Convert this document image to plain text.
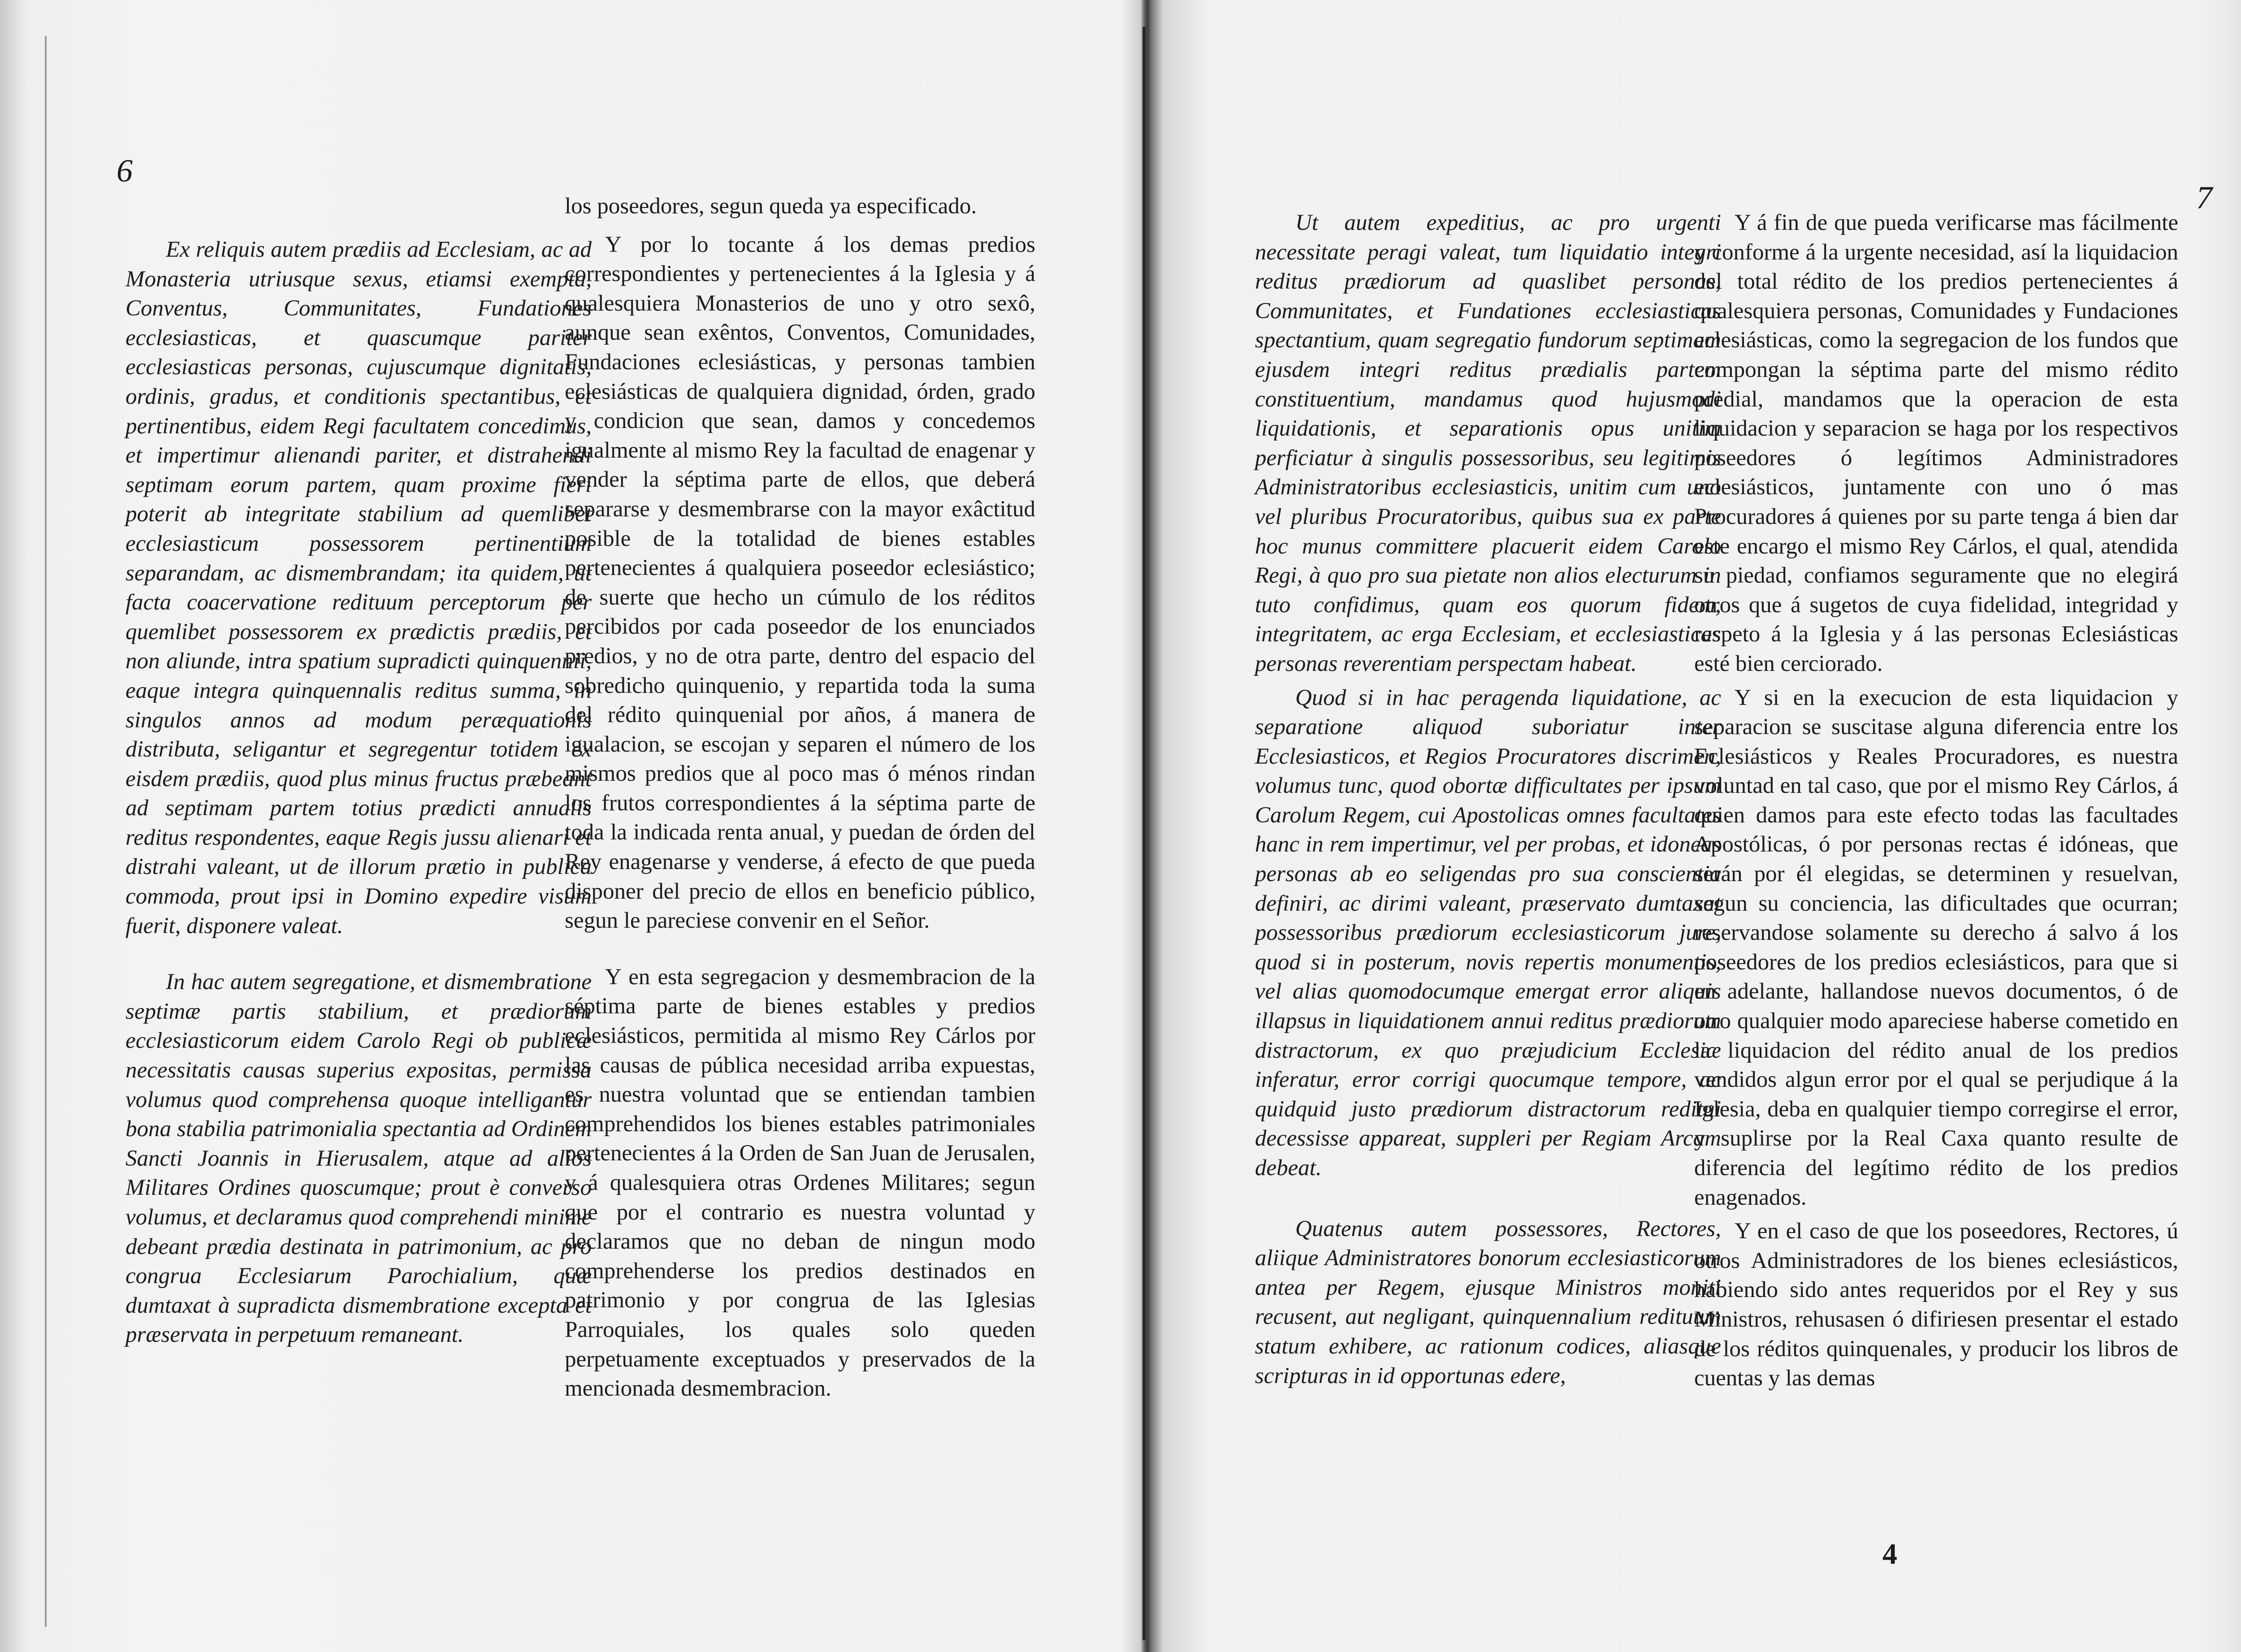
6

Ex reliquis autem prædiis ad Ecclesiam, ac ad Monasteria utriusque sexus, etiamsi exempta, Conventus, Communitates, Fundationes ecclesiasticas, et quascumque pariter ecclesiasticas personas, cujuscumque dignitatis, ordinis, gradus, et conditionis spectantibus, et pertinentibus, eidem Regi facultatem concedimus, et impertimur alienandi pariter, et distrahendi septimam eorum partem, quam proxime fieri poterit ab integritate stabilium ad quemlibet ecclesiasticum possessorem pertinentium separandam, ac dismembrandam; ita quidem, ut facta coacervatione redituum perceptorum per quemlibet possessorem ex prædictis prædiis, et non aliunde, intra spatium supradicti quinquennii, eaque integra quinquennalis reditus summa, in singulos annos ad modum peræquationis distributa, seligantur et segregentur totidem ex eisdem prædiis, quod plus minus fructus præbeant ad septimam partem totius prædicti annualis reditus respondentes, eaque Regis jussu alienari et distrahi valeant, ut de illorum prætio in publica commoda, prout ipsi in Domino expedire visum fuerit, disponere valeat.

In hac autem segregatione, et dismembratione septimæ partis stabilium, et prædiorum ecclesiasticorum eidem Carolo Regi ob publicæ necessitatis causas superius expositas, permissa volumus quod comprehensa quoque intelligantur bona stabilia patrimonialia spectantia ad Ordinem Sancti Joannis in Hierusalem, atque ad alios Militares Ordines quoscumque; prout è converso volumus, et declaramus quod comprehendi minime debeant prædia destinata in patrimonium, ac pro congrua Ecclesiarum Parochialium, quæ dumtaxat à supradicta dismembratione excepta et præservata in perpetuum remaneant.

los poseedores, segun queda ya especificado.

Y por lo tocante á los demas predios correspondientes y pertenecientes á la Iglesia y á qualesquiera Monasterios de uno y otro sexô, aunque sean exêntos, Conventos, Comunidades, Fundaciones eclesiásticas, y personas tambien eclesiásticas de qualquiera dignidad, órden, grado y condicion que sean, damos y concedemos igualmente al mismo Rey la facultad de enagenar y vender la séptima parte de ellos, que deberá separarse y desmembrarse con la mayor exâctitud posible de la totalidad de bienes estables pertenecientes á qualquiera poseedor eclesiástico; de suerte que hecho un cúmulo de los réditos percibidos por cada poseedor de los enunciados predios, y no de otra parte, dentro del espacio del sobredicho quinquenio, y repartida toda la suma del rédito quinquenial por años, á manera de igualacion, se escojan y separen el número de los mismos predios que al poco mas ó ménos rindan los frutos correspondientes á la séptima parte de toda la indicada renta anual, y puedan de órden del Rey enagenarse y venderse, á efecto de que pueda disponer del precio de ellos en beneficio público, segun le pareciese convenir en el Señor.

Y en esta segregacion y desmembracion de la séptima parte de bienes estables y predios eclesiásticos, permitida al mismo Rey Cárlos por las causas de pública necesidad arriba expuestas, es nuestra voluntad que se entiendan tambien comprehendidos los bienes estables patrimoniales pertenecientes á la Orden de San Juan de Jerusalen, y á qualesquiera otras Ordenes Militares; segun que por el contrario es nuestra voluntad y declaramos que no deban de ningun modo comprehenderse los predios destinados en patrimonio y por congrua de las Iglesias Parroquiales, los quales solo queden perpetuamente exceptuados y preservados de la mencionada desmembracion.

7

Ut autem expeditius, ac pro urgenti necessitate peragi valeat, tum liquidatio integri reditus prædiorum ad quaslibet personas, Communitates, et Fundationes ecclesiasticas spectantium, quam segregatio fundorum septimam ejusdem integri reditus prædialis partem constituentium, mandamus quod hujusmodi liquidationis, et separationis opus unitim perficiatur à singulis possessoribus, seu legitimis Administratoribus ecclesiasticis, unitim cum uno vel pluribus Procuratoribus, quibus sua ex parte hoc munus committere placuerit eidem Carolo Regi, à quo pro sua pietate non alios electurum in tuto confidimus, quam eos quorum fidem, integritatem, ac erga Ecclesiam, et ecclesiasticas personas reverentiam perspectam habeat.

Quod si in hac peragenda liquidatione, ac separatione aliquod suboriatur inter Ecclesiasticos, et Regios Procuratores discrimen, volumus tunc, quod obortæ difficultates per ipsum Carolum Regem, cui Apostolicas omnes facultates hanc in rem impertimur, vel per probas, et idoneas personas ab eo seligendas pro sua conscientia definiri, ac dirimi valeant, præservato dumtaxat possessoribus prædiorum ecclesiasticorum jure, quod si in posterum, novis repertis monumentis, vel alias quomodocumque emergat error aliquis illapsus in liquidationem annui reditus prædiorum distractorum, ex quo præjudicium Ecclesiæ inferatur, error corrigi quocumque tempore, ac quidquid justo prædiorum distractorum reditui decessisse appareat, suppleri per Regiam Arcam debeat.

Quatenus autem possessores, Rectores, aliique Administratores bonorum ecclesiasticorum antea per Regem, ejusque Ministros moniti recusent, aut negligant, quinquennalium redituum statum exhibere, ac rationum codices, aliasque scripturas in id opportunas edere,

Y á fin de que pueda verificarse mas fácilmente y conforme á la urgente necesidad, así la liquidacion del total rédito de los predios pertenecientes á qualesquiera personas, Comunidades y Fundaciones eclesiásticas, como la segregacion de los fundos que compongan la séptima parte del mismo rédito predial, mandamos que la operacion de esta liquidacion y separacion se haga por los respectivos poseedores ó legítimos Administradores eclesiásticos, juntamente con uno ó mas Procuradores á quienes por su parte tenga á bien dar este encargo el mismo Rey Cárlos, el qual, atendida su piedad, confiamos seguramente que no elegirá otros que á sugetos de cuya fidelidad, integridad y respeto á la Iglesia y á las personas Eclesiásticas esté bien cerciorado.

Y si en la execucion de esta liquidacion y separacion se suscitase alguna diferencia entre los Eclesiásticos y Reales Procuradores, es nuestra voluntad en tal caso, que por el mismo Rey Cárlos, á quien damos para este efecto todas las facultades Apostólicas, ó por personas rectas é idóneas, que serán por él elegidas, se determinen y resuelvan, segun su conciencia, las dificultades que ocurran; reservandose solamente su derecho á salvo á los poseedores de los predios eclesiásticos, para que si en adelante, hallandose nuevos documentos, ó de otro qualquier modo apareciese haberse cometido en la liquidacion del rédito anual de los predios vendidos algun error por el qual se perjudique á la Iglesia, deba en qualquier tiempo corregirse el error, y suplirse por la Real Caxa quanto resulte de diferencia del legítimo rédito de los predios enagenados.

Y en el caso de que los poseedores, Rectores, ú otros Administradores de los bienes eclesiásticos, habiendo sido antes requeridos por el Rey y sus Ministros, rehusasen ó difiriesen presentar el estado de los réditos quinquenales, y producir los libros de cuentas y las demas

4
